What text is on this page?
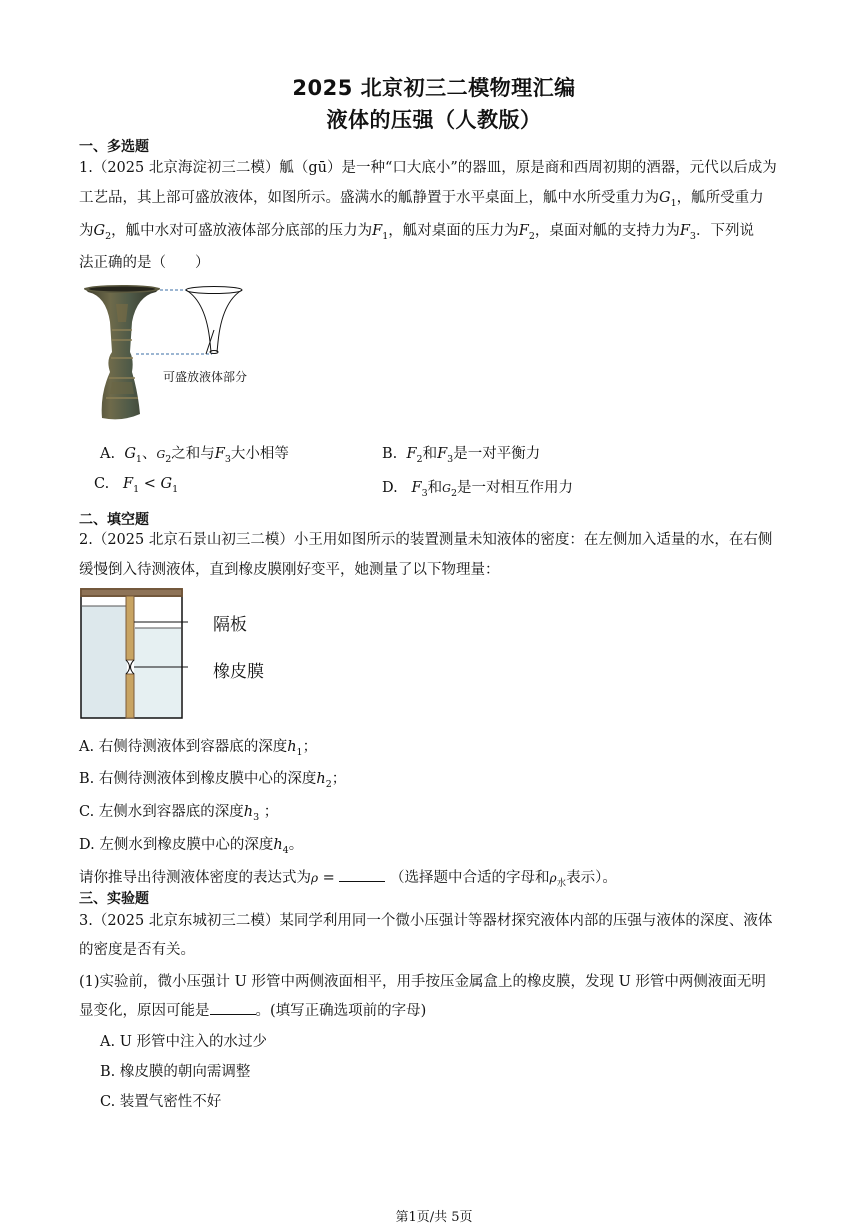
2025 北京初三二模物理汇编
液体的压强（人教版）
一、多选题
1.（2025 北京海淀初三二模）觚（gū）是一种“口大底小”的器皿，原是商和西周初期的酒器，元代以后成为
工艺品，其上部可盛放液体，如图所示。盛满水的觚静置于水平桌面上，觚中水所受重力为$G_1$，觚所受重力
为$G_2$，觚中水对可盛放液体部分底部的压力为$F_1$，觚对桌面的压力为$F_2$，桌面对觚的支持力为$F_3$．下列说
法正确的是（　　）
可盛放液体部分
A. $G_1$、$G_2$之和与$F_3$大小相等	B. $F_2$和$F_3$是一对平衡力
C. $F_1 < G_1$	D. $F_3$和$G_2$是一对相互作用力
二、填空题
2.（2025 北京石景山初三二模）小王用如图所示的装置测量未知液体的密度：在左侧加入适量的水，在右侧
缓慢倒入待测液体，直到橡皮膜刚好变平，她测量了以下物理量：
隔板
橡皮膜
A. 右侧待测液体到容器底的深度$h_1$；
B. 右侧待测液体到橡皮膜中心的深度$h_2$；
C. 左侧水到容器底的深度$h_3$ ；
D. 左侧水到橡皮膜中心的深度$h_4$。
请你推导出待测液体密度的表达式为ρ =	（选择题中合适的字母和$\rho_水$表示）。
三、实验题
3.（2025 北京东城初三二模）某同学利用同一个微小压强计等器材探究液体内部的压强与液体的深度、液体
的密度是否有关。
(1)实验前，微小压强计 U 形管中两侧液面相平，用手按压金属盒上的橡皮膜，发现 U 形管中两侧液面无明
显变化，原因可能是	。(填写正确选项前的字母)
A. U 形管中注入的水过少
B. 橡皮膜的朝向需调整
C. 装置气密性不好
第1页/共 5页
